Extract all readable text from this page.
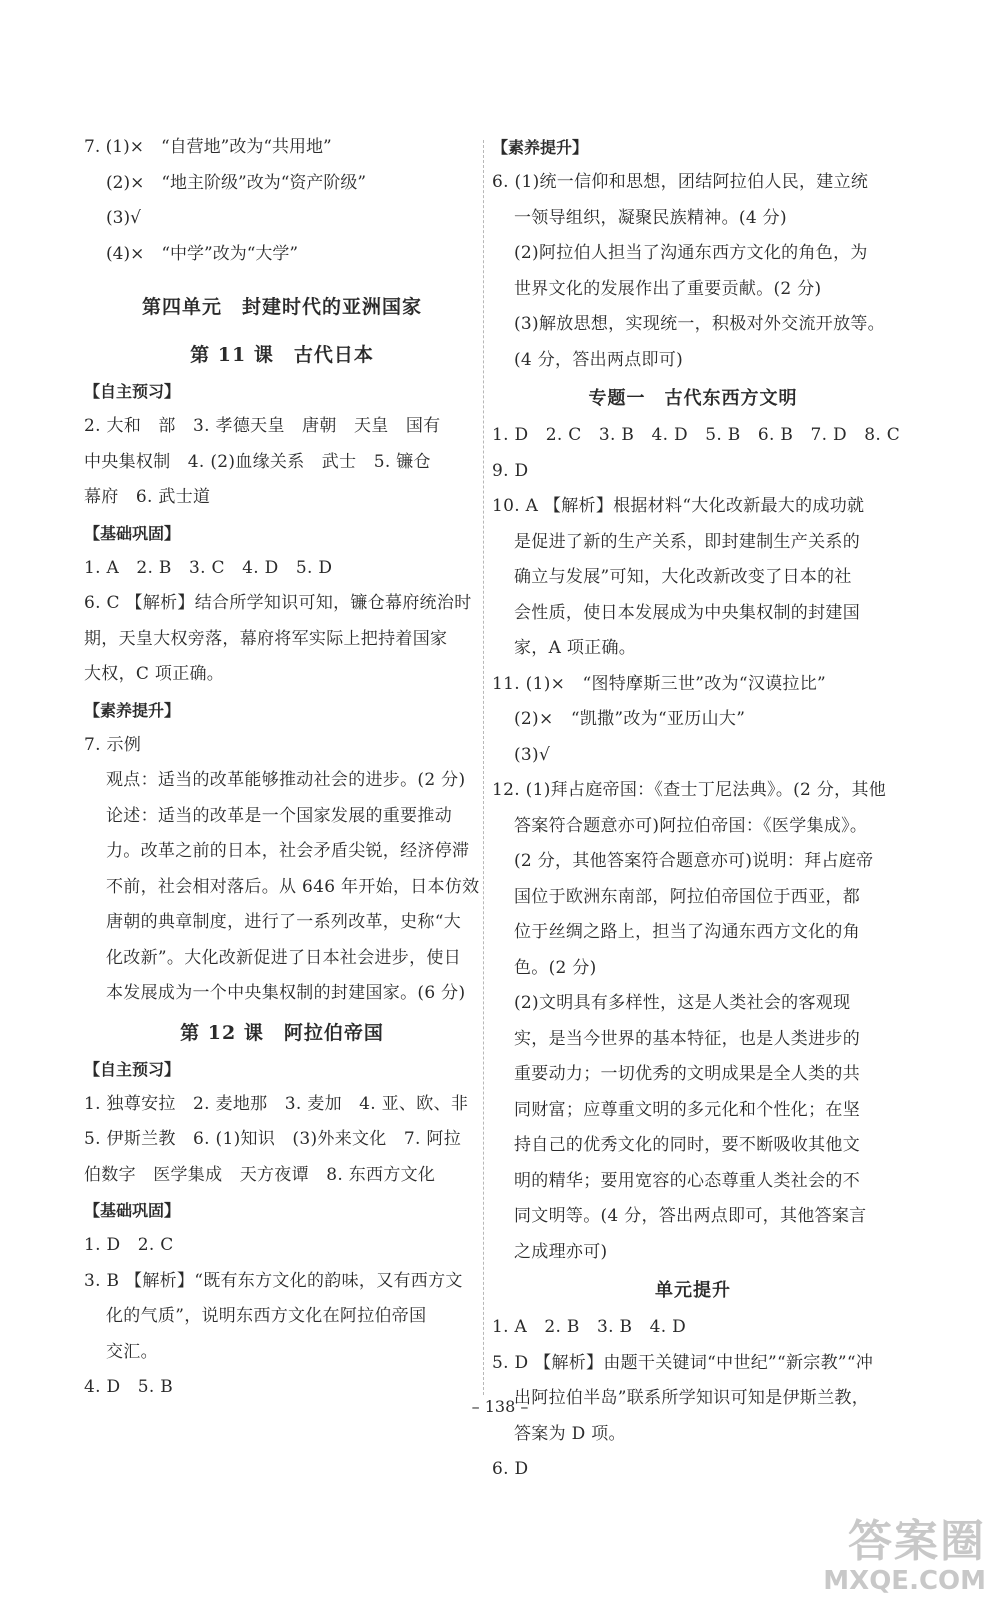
7. (1)×　“自营地”改为“共用地”
(2)×　“地主阶级”改为“资产阶级”
(3)√
(4)×　“中学”改为“大学”
第四单元　封建时代的亚洲国家
第 11 课　古代日本
【自主预习】
2. 大和　部　3. 孝德天皇　唐朝　天皇　国有
中央集权制　4. (2)血缘关系　武士　5. 镰仓
幕府　6. 武士道
【基础巩固】
1. A　2. B　3. C　4. D　5. D
6. C 【解析】结合所学知识可知，镰仓幕府统治时
期，天皇大权旁落，幕府将军实际上把持着国家
大权，C 项正确。
【素养提升】
7. 示例
观点：适当的改革能够推动社会的进步。(2 分)
论述：适当的改革是一个国家发展的重要推动
力。改革之前的日本，社会矛盾尖锐，经济停滞
不前，社会相对落后。从 646 年开始，日本仿效
唐朝的典章制度，进行了一系列改革，史称“大
化改新”。大化改新促进了日本社会进步，使日
本发展成为一个中央集权制的封建国家。(6 分)
第 12 课　阿拉伯帝国
【自主预习】
1. 独尊安拉　2. 麦地那　3. 麦加　4. 亚、欧、非
5. 伊斯兰教　6. (1)知识　(3)外来文化　7. 阿拉
伯数字　医学集成　天方夜谭　8. 东西方文化
【基础巩固】
1. D　2. C
3. B 【解析】“既有东方文化的韵味，又有西方文
化的气质”，说明东西方文化在阿拉伯帝国
交汇。
4. D　5. B
【素养提升】
6. (1)统一信仰和思想，团结阿拉伯人民，建立统
一领导组织，凝聚民族精神。(4 分)
(2)阿拉伯人担当了沟通东西方文化的角色，为
世界文化的发展作出了重要贡献。(2 分)
(3)解放思想，实现统一，积极对外交流开放等。
(4 分，答出两点即可)
专题一　古代东西方文明
1. D　2. C　3. B　4. D　5. B　6. B　7. D　8. C
9. D
10. A 【解析】根据材料“大化改新最大的成功就
是促进了新的生产关系，即封建制生产关系的
确立与发展”可知，大化改新改变了日本的社
会性质，使日本发展成为中央集权制的封建国
家，A 项正确。
11. (1)×　“图特摩斯三世”改为“汉谟拉比”
(2)×　“凯撒”改为“亚历山大”
(3)√
12. (1)拜占庭帝国：《查士丁尼法典》。(2 分，其他
答案符合题意亦可)阿拉伯帝国：《医学集成》。
(2 分，其他答案符合题意亦可)说明：拜占庭帝
国位于欧洲东南部，阿拉伯帝国位于西亚，都
位于丝绸之路上，担当了沟通东西方文化的角
色。(2 分)
(2)文明具有多样性，这是人类社会的客观现
实，是当今世界的基本特征，也是人类进步的
重要动力；一切优秀的文明成果是全人类的共
同财富；应尊重文明的多元化和个性化；在坚
持自己的优秀文化的同时，要不断吸收其他文
明的精华；要用宽容的心态尊重人类社会的不
同文明等。(4 分，答出两点即可，其他答案言
之成理亦可)
单元提升
1. A　2. B　3. B　4. D
5. D 【解析】由题干关键词“中世纪”“新宗教”“冲
出阿拉伯半岛”联系所学知识可知是伊斯兰教，
答案为 D 项。
6. D
– 138 –
答案圈
MXQE.COM
